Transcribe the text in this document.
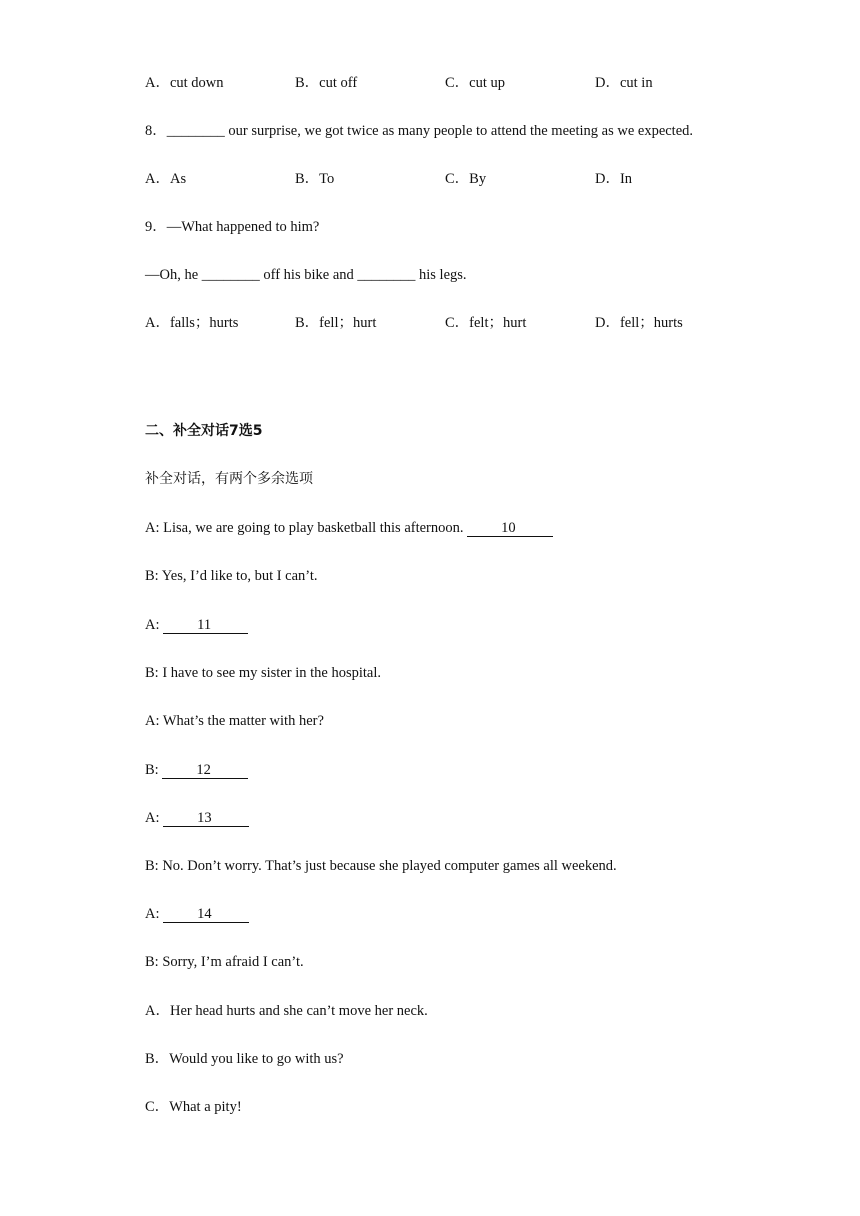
A．cut down	B．cut off	C．cut up	D．cut in
8．________ our surprise, we got twice as many people to attend the meeting as we expected.
A．As	B．To	C．By	D．In
9．—What happened to him?
—Oh, he ________ off his bike and ________ his legs.
A．falls；hurts	B．fell；hurt	C．felt；hurt	D．fell；hurts
二、补全对话7选5
补全对话，有两个多余选项
A: Lisa, we are going to play basketball this afternoon. 10
B: Yes, I’d like to, but I can’t.
A: 11
B: I have to see my sister in the hospital.
A: What’s the matter with her?
B: 12
A: 13
B: No. Don’t worry. That’s just because she played computer games all weekend.
A: 14
B: Sorry, I’m afraid I can’t.
A．Her head hurts and she can’t move her neck.
B．Would you like to go with us?
C．What a pity!
